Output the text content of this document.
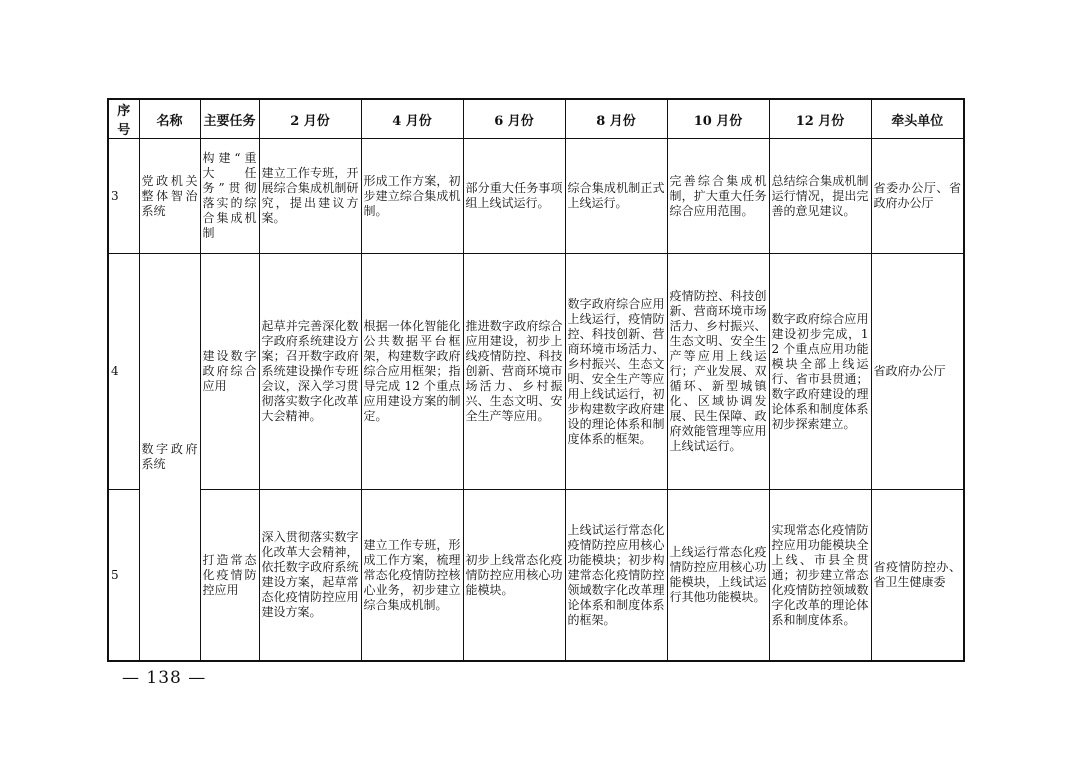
序号	名称	主要任务	2 月份	4 月份	6 月份	8 月份	10 月份	12 月份	牵头单位
3	党政机关整体智治系统	构建“重大任务”贯彻落实的综合集成机制	建立工作专班，开展综合集成机制研究，提出建议方案。	形成工作方案，初步建立综合集成机制。	部分重大任务事项组上线试运行。	综合集成机制正式上线运行。	完善综合集成机制，扩大重大任务综合应用范围。	总结综合集成机制运行情况，提出完善的意见建议。	省委办公厅、省政府办公厅
4	数字政府系统	建设数字政府综合应用	起草并完善深化数字政府系统建设方案；召开数字政府系统建设操作专班会议，深入学习贯彻落实数字化改革大会精神。	根据一体化智能化公共数据平台框架，构建数字政府综合应用框架；指导完成 12 个重点应用建设方案的制定。	推进数字政府综合应用建设，初步上线疫情防控、科技创新、营商环境市场活力、乡村振兴、生态文明、安全生产等应用。	数字政府综合应用上线运行，疫情防控、科技创新、营商环境市场活力、乡村振兴、生态文明、安全生产等应用上线试运行，初步构建数字政府建设的理论体系和制度体系的框架。	疫情防控、科技创新、营商环境市场活力、乡村振兴、生态文明、安全生产等应用上线运行；产业发展、双循环、新型城镇化、区域协调发展、民生保障、政府效能管理等应用上线试运行。	数字政府综合应用建设初步完成，12 个重点应用功能模块全部上线运行、省市县贯通；数字政府建设的理论体系和制度体系初步探索建立。	省政府办公厅
5		打造常态化疫情防控应用	深入贯彻落实数字化改革大会精神，依托数字政府系统建设方案，起草常态化疫情防控应用建设方案。	建立工作专班，形成工作方案，梳理常态化疫情防控核心业务，初步建立综合集成机制。	初步上线常态化疫情防控应用核心功能模块。	上线试运行常态化疫情防控应用核心功能模块；初步构建常态化疫情防控领域数字化改革理论体系和制度体系的框架。	上线运行常态化疫情防控应用核心功能模块，上线试运行其他功能模块。	实现常态化疫情防控应用功能模块全上线、市县全贯通；初步建立常态化疫情防控领域数字化改革的理论体系和制度体系。	省疫情防控办、省卫生健康委
— 138 —
